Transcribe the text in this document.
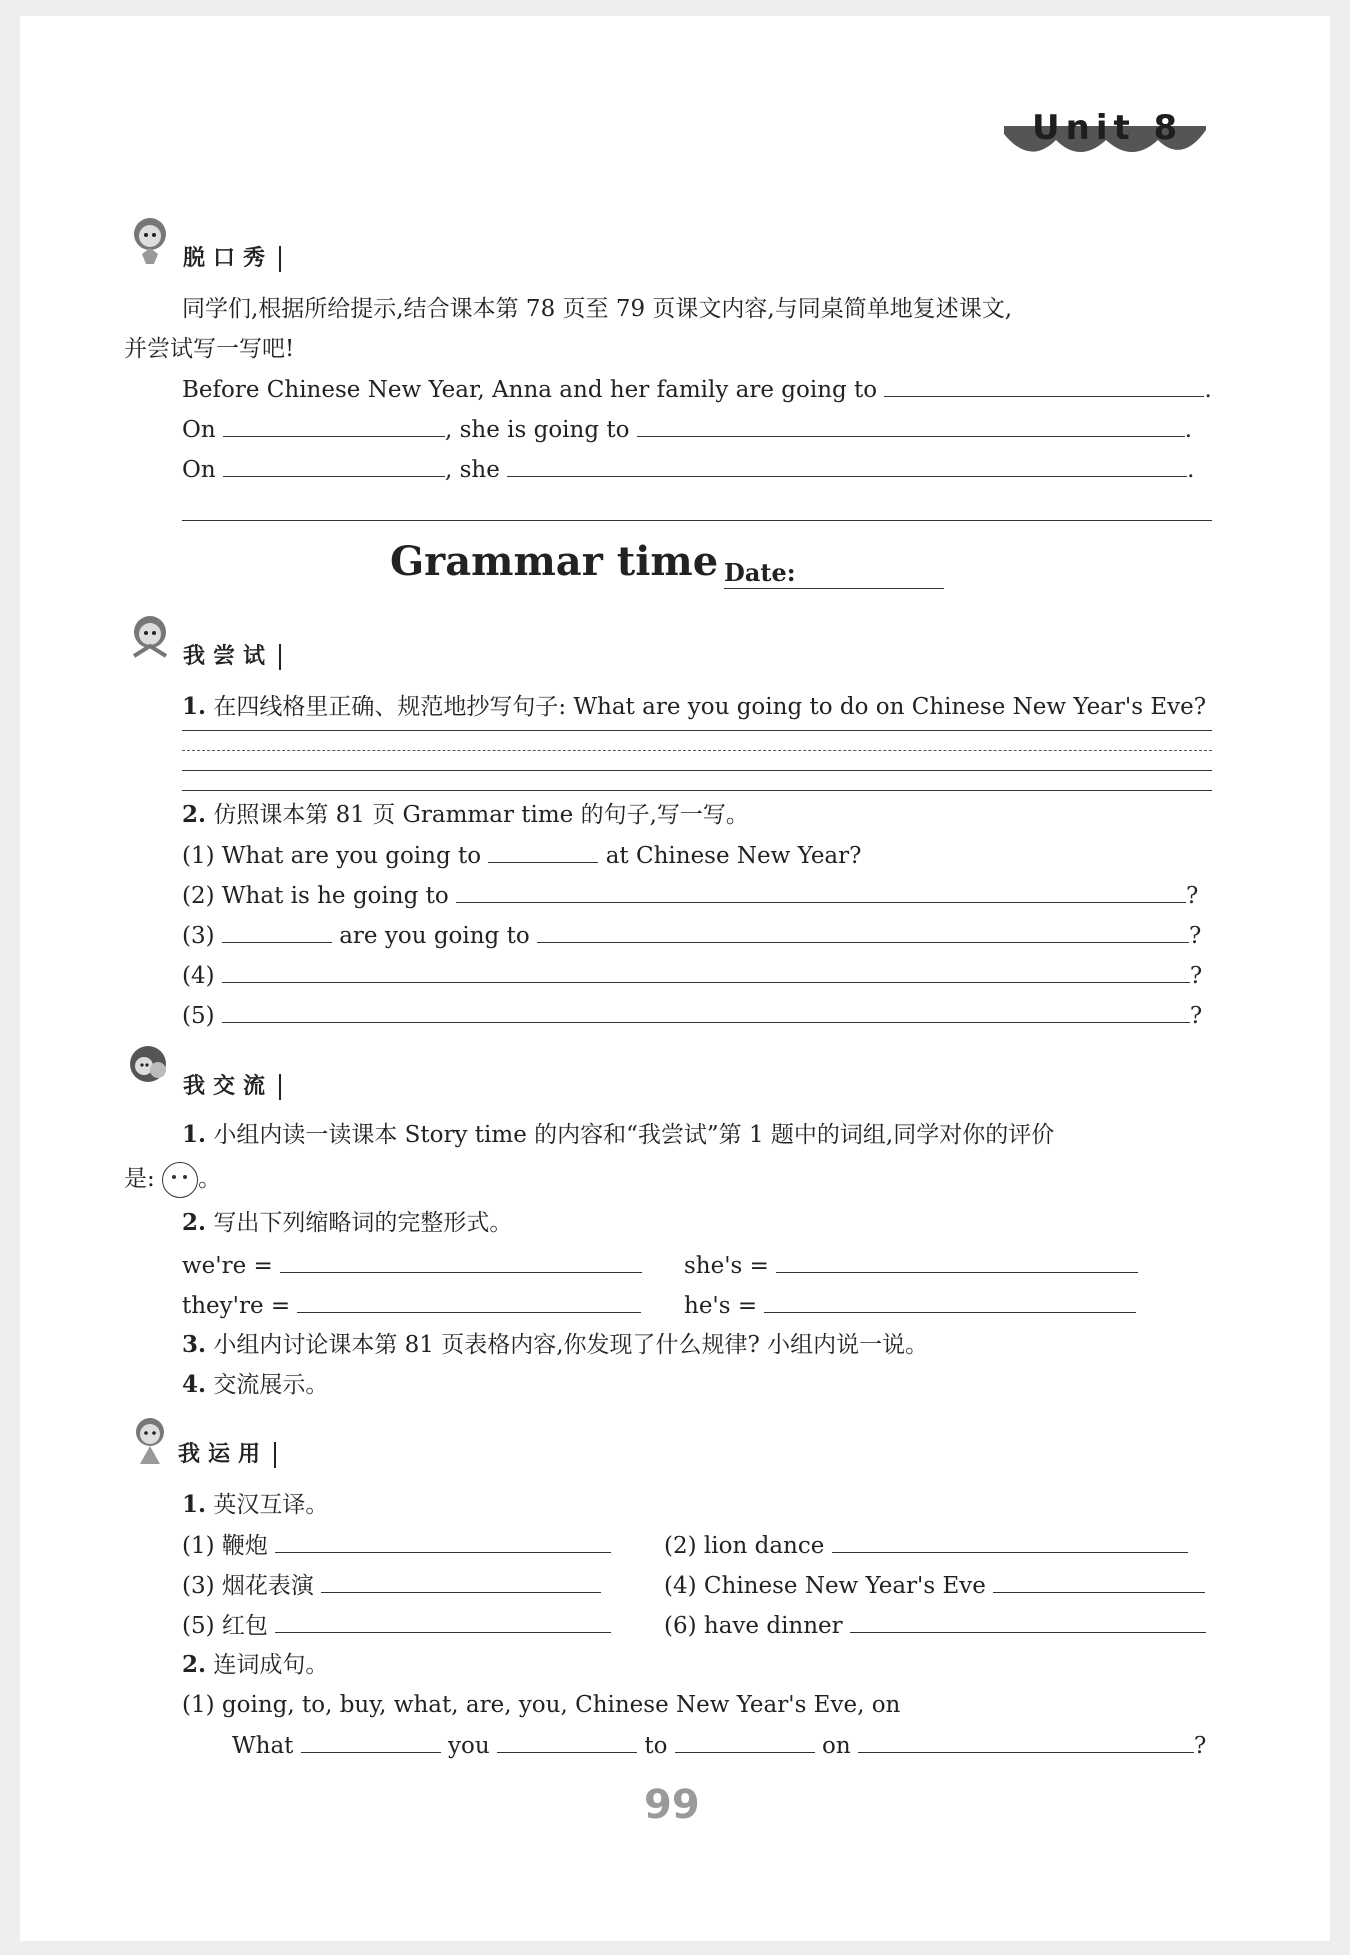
Unit 8
脱口秀
同学们,根据所给提示,结合课本第 78 页至 79 页课文内容,与同桌简单地复述课文,
并尝试写一写吧!
Before Chinese New Year, Anna and her family are going to	.
On	, she is going to	.
On	, she	.
Grammar time Date:
我尝试
1. 在四线格里正确、规范地抄写句子: What are you going to do on Chinese New Year's Eve?
2. 仿照课本第 81 页 Grammar time 的句子,写一写。
(1) What are you going to	at Chinese New Year?
(2) What is he going to	?
(3)	are you going to	?
(4)	?
(5)	?
我交流
1. 小组内读一读课本 Story time 的内容和“我尝试”第 1 题中的词组,同学对你的评价
是: 。
2. 写出下列缩略词的完整形式。
we're =	she's =
they're =	he's =
3. 小组内讨论课本第 81 页表格内容,你发现了什么规律? 小组内说一说。
4. 交流展示。
我运用
1. 英汉互译。
(1) 鞭炮	(2) lion dance
(3) 烟花表演	(4) Chinese New Year's Eve
(5) 红包	(6) have dinner
2. 连词成句。
(1) going, to, buy, what, are, you, Chinese New Year's Eve, on
What	you	to	on	?
99
